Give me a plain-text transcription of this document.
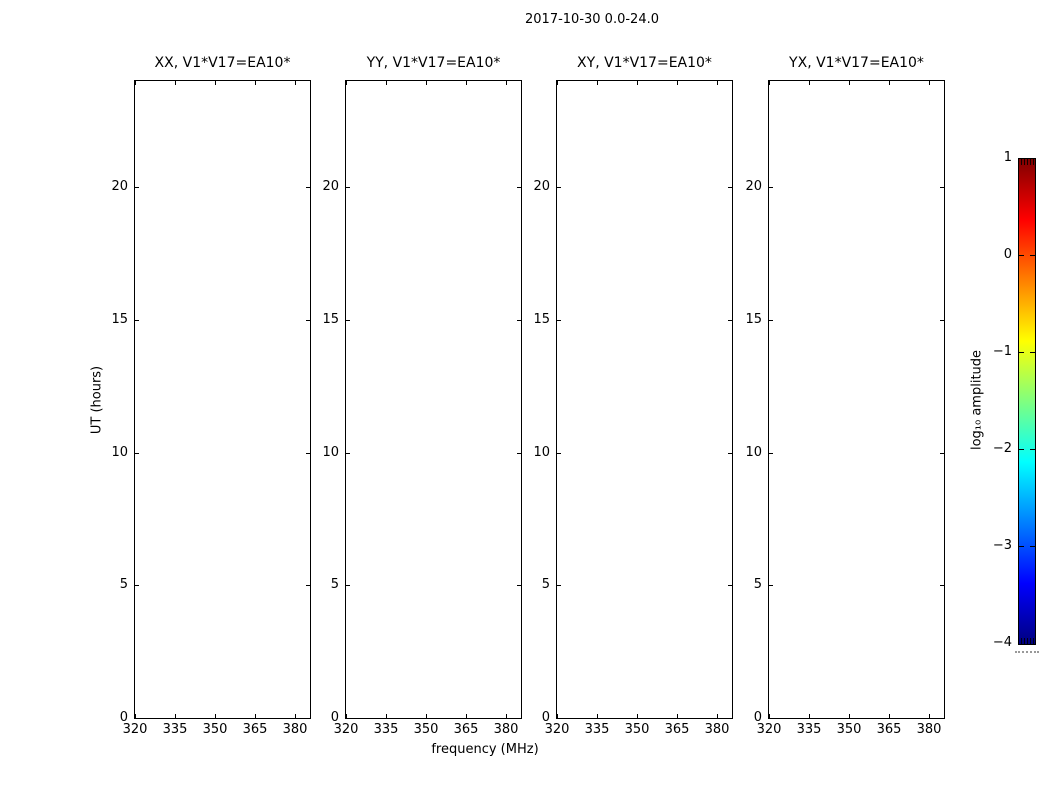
2017-10-30 0.0-24.0
XX, V1*V17=EA10*	YY, V1*V17=EA10*	XY, V1*V17=EA10*	YX, V1*V17=EA10*
UT (hours)
frequency (MHz)
log₁₀ amplitude
320	335	350	365	380
0
5
10
15
20
320	335	350	365	380
0
5
10
15
20
320	335	350	365	380
0
5
10
15
20
320	335	350	365	380
0
5
10
15
20
1
0
−1
−2
−3
−4
